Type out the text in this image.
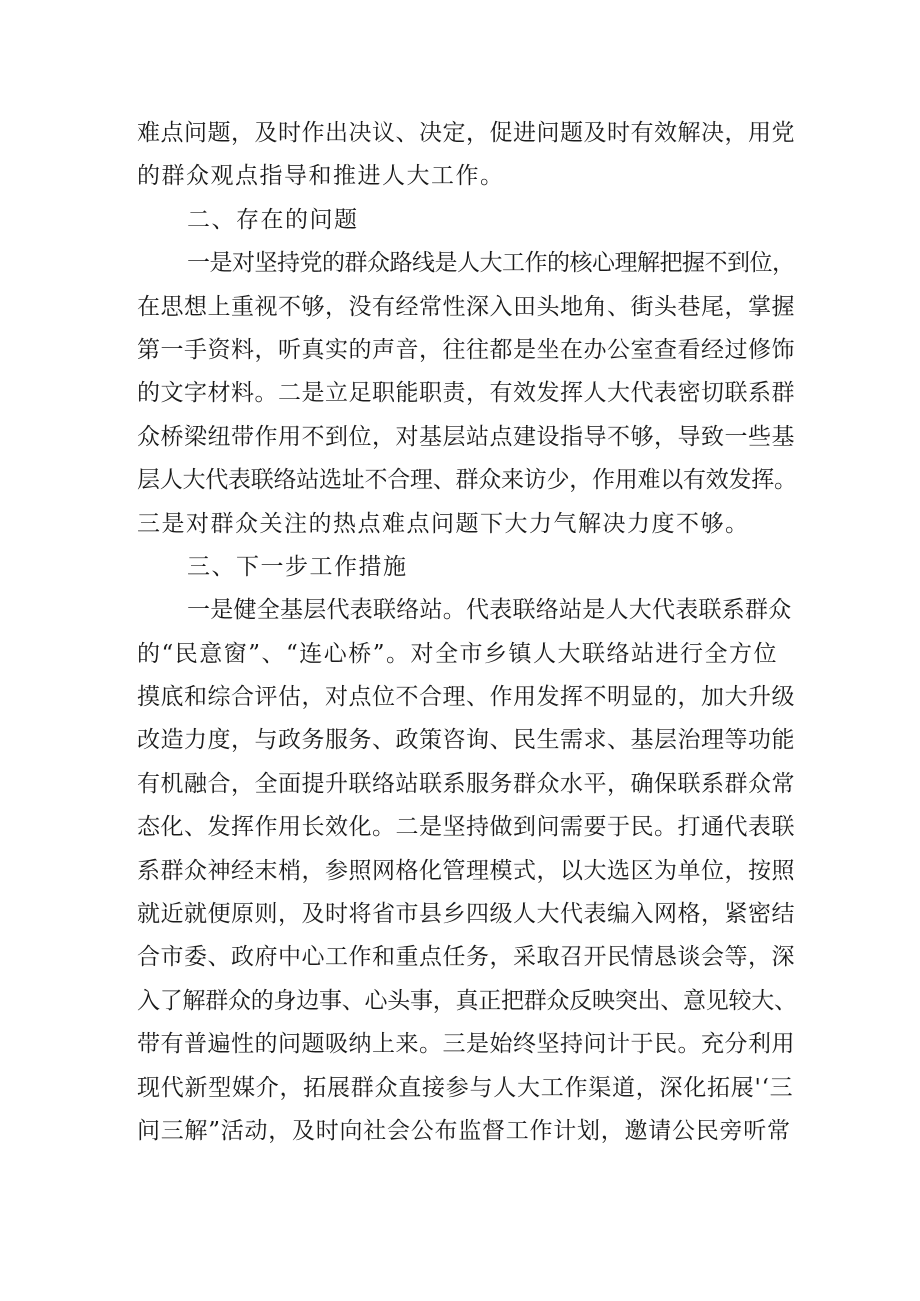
难点问题，及时作出决议、决定，促进问题及时有效解决，用党
的群众观点指导和推进人大工作。
二、存在的问题
一是对坚持党的群众路线是人大工作的核心理解把握不到位，
在思想上重视不够，没有经常性深入田头地角、街头巷尾，掌握
第一手资料，听真实的声音，往往都是坐在办公室查看经过修饰
的文字材料。二是立足职能职责，有效发挥人大代表密切联系群
众桥梁纽带作用不到位，对基层站点建设指导不够，导致一些基
层人大代表联络站选址不合理、群众来访少，作用难以有效发挥。
三是对群众关注的热点难点问题下大力气解决力度不够。
三、下一步工作措施
一是健全基层代表联络站。代表联络站是人大代表联系群众
的“民意窗”、“连心桥”。对全市乡镇人大联络站进行全方位
摸底和综合评估，对点位不合理、作用发挥不明显的，加大升级
改造力度，与政务服务、政策咨询、民生需求、基层治理等功能
有机融合，全面提升联络站联系服务群众水平，确保联系群众常
态化、发挥作用长效化。二是坚持做到问需要于民。打通代表联
系群众神经末梢，参照网格化管理模式，以大选区为单位，按照
就近就便原则，及时将省市县乡四级人大代表编入网格，紧密结
合市委、政府中心工作和重点任务，采取召开民情恳谈会等，深
入了解群众的身边事、心头事，真正把群众反映突出、意见较大、
带有普遍性的问题吸纳上来。三是始终坚持问计于民。充分利用
现代新型媒介，拓展群众直接参与人大工作渠道，深化拓展'‘三
问三解”活动，及时向社会公布监督工作计划，邀请公民旁听常
